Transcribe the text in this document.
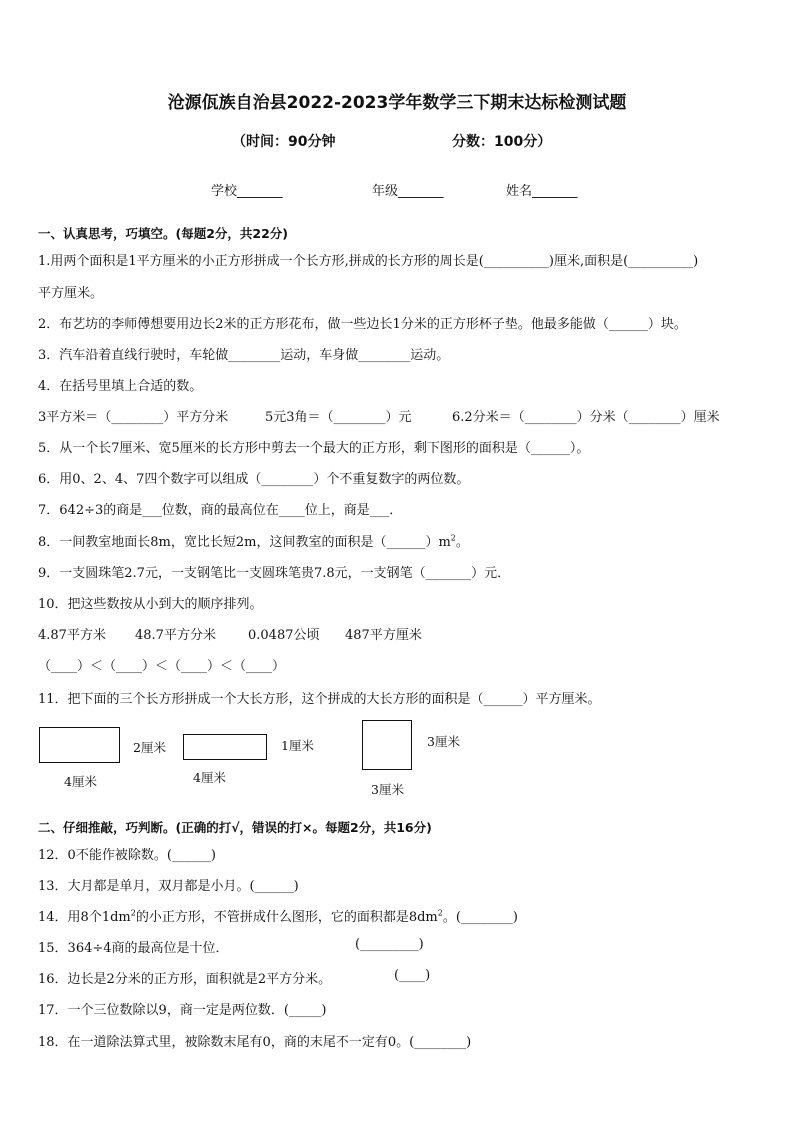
沧源佤族自治县2022-2023学年数学三下期末达标检测试题
（时间：90分钟	分数：100分）
学校_______	年级_______	姓名_______
一、认真思考，巧填空。(每题2分，共22分)
1.用两个面积是1平方厘米的小正方形拼成一个长方形,拼成的长方形的周长是(__________)厘米,面积是(__________)
平方厘米。
2．布艺坊的李师傅想要用边长2米的正方形花布，做一些边长1分米的正方形杯子垫。他最多能做（______）块。
3．汽车沿着直线行驶时，车轮做________运动，车身做________运动。
4．在括号里填上合适的数。
3平方米＝（________）平方分米	5元3角＝（________）元	6.2分米＝（________）分米（________）厘米
5．从一个长7厘米、宽5厘米的长方形中剪去一个最大的正方形，剩下图形的面积是（______）。
6．用0、2、4、7四个数字可以组成（________）个不重复数字的两位数。
7．642÷3的商是___位数，商的最高位在____位上，商是___．
8．一间教室地面长8m，宽比长短2m，这间教室的面积是$(\_\_\_\_\_\_)m^2$。
9．一支圆珠笔2.7元，一支钢笔比一支圆珠笔贵7.8元，一支钢笔（_______）元．
10．把这些数按从小到大的顺序排列。
4.87平方米 48.7平方分米 0.0487公顷 487平方厘米
（____）＜（____）＜（____）＜（____）
11．把下面的三个长方形拼成一个大长方形，这个拼成的大长方形的面积是（______）平方厘米。
2厘米
4厘米
1厘米
4厘米
3厘米
3厘米
二、仔细推敲，巧判断。(正确的打√，错误的打×。每题2分，共16分)
12．0不能作被除数。(______)
13．大月都是单月，双月都是小月。(______)
14．用8个$1dm^2$的小正方形，不管拼成什么图形，它的面积都是$8dm^2$。(________)
15．364÷4商的最高位是十位．	(_________)
16．边长是2分米的正方形，面积就是2平方分米。	(____)
17．一个三位数除以9，商一定是两位数．(_____)
18．在一道除法算式里，被除数末尾有0，商的末尾不一定有0。(________)
